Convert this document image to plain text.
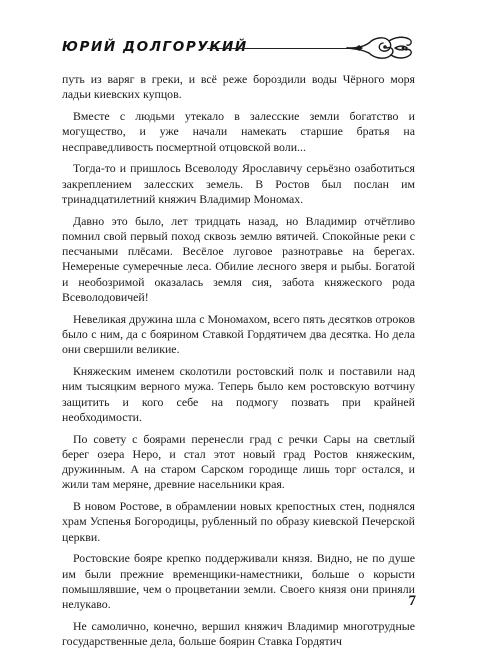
ЮРИЙ ДОЛГОРУКИЙ

путь из варяг в греки, и всё реже бороздили воды Чёрного моря ладьи киевских купцов.

Вместе с людьми утекало в залесские земли богатство и могущество, и уже начали намекать старшие братья на несправедливость посмертной отцовской воли...

Тогда-то и пришлось Всеволоду Ярославичу серьёзно озаботиться закреплением залесских земель. В Ростов был послан им тринадцатилетний княжич Владимир Мономах.

Давно это было, лет тридцать назад, но Владимир отчётливо помнил свой первый поход сквозь землю вятичей. Спокойные реки с песчаными плёсами. Весёлое луговое разнотравье на берегах. Немереные сумеречные леса. Обилие лесного зверя и рыбы. Богатой и необозримой оказалась земля сия, забота княжеского рода Всеволодовичей!

Невеликая дружина шла с Мономахом, всего пять десятков отроков было с ним, да с боярином Ставкой Гордятичем два десятка. Но дела они свершили великие.

Княжеским именем сколотили ростовский полк и поставили над ним тысяцким верного мужа. Теперь было кем ростовскую вотчину защитить и кого себе на подмогу позвать при крайней необходимости.

По совету с боярами перенесли град с речки Сары на светлый берег озера Неро, и стал этот новый град Ростов княжеским, дружинным. А на старом Сарском городище лишь торг остался, и жили там меряне, древние насельники края.

В новом Ростове, в обрамлении новых крепостных стен, поднялся храм Успенья Богородицы, рубленный по образу киевской Печерской церкви.

Ростовские бояре крепко поддерживали князя. Видно, не по душе им были прежние временщики-наместники, больше о корысти помышлявшие, чем о процветании земли. Своего князя они приняли нелукаво.

Не самолично, конечно, вершил княжич Владимир многотрудные государственные дела, больше боярин Ставка Гордятич

7
